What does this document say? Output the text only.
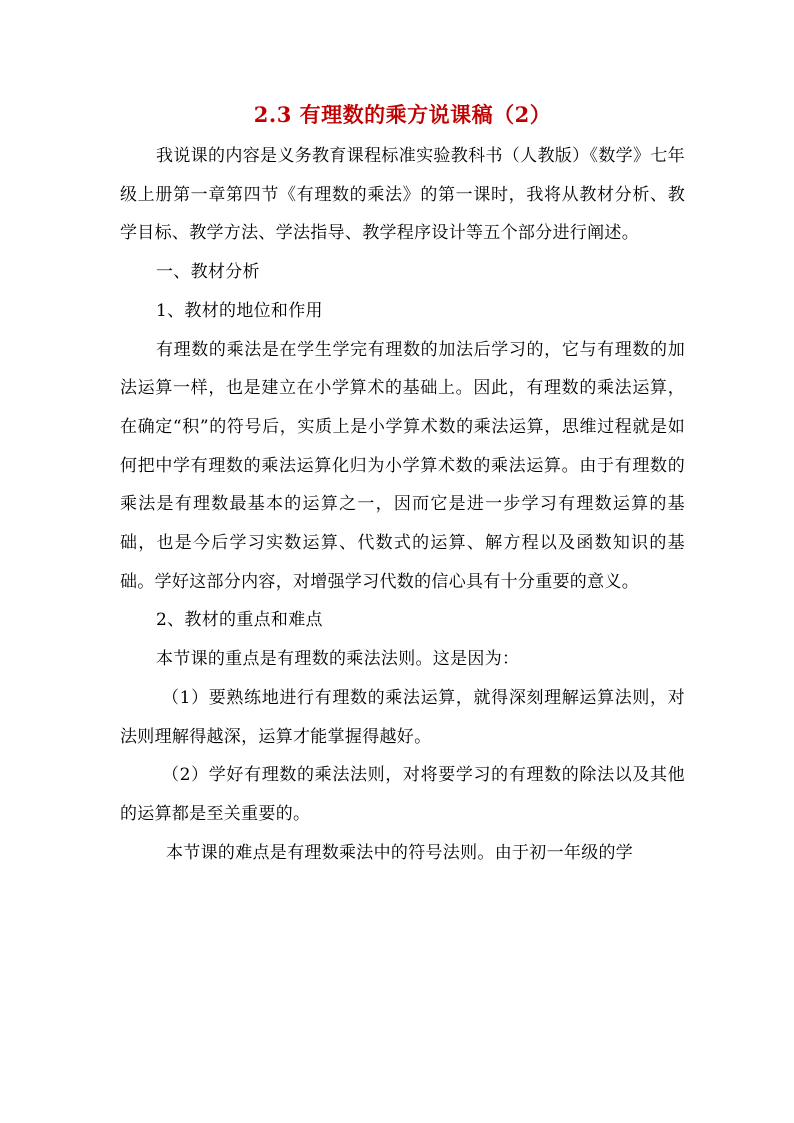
2.3 有理数的乘方说课稿（2）

我说课的内容是义务教育课程标准实验教科书（人教版）《数学》七年级上册第一章第四节《有理数的乘法》的第一课时，我将从教材分析、教学目标、教学方法、学法指导、教学程序设计等五个部分进行阐述。

一、教材分析

1、教材的地位和作用

有理数的乘法是在学生学完有理数的加法后学习的，它与有理数的加法运算一样，也是建立在小学算术的基础上。因此，有理数的乘法运算，在确定“积”的符号后，实质上是小学算术数的乘法运算，思维过程就是如何把中学有理数的乘法运算化归为小学算术数的乘法运算。由于有理数的乘法是有理数最基本的运算之一，因而它是进一步学习有理数运算的基础，也是今后学习实数运算、代数式的运算、解方程以及函数知识的基础。学好这部分内容，对增强学习代数的信心具有十分重要的意义。

2、教材的重点和难点

本节课的重点是有理数的乘法法则。这是因为：

（1）要熟练地进行有理数的乘法运算，就得深刻理解运算法则，对法则理解得越深，运算才能掌握得越好。

（2）学好有理数的乘法法则，对将要学习的有理数的除法以及其他的运算都是至关重要的。

本节课的难点是有理数乘法中的符号法则。由于初一年级的学
